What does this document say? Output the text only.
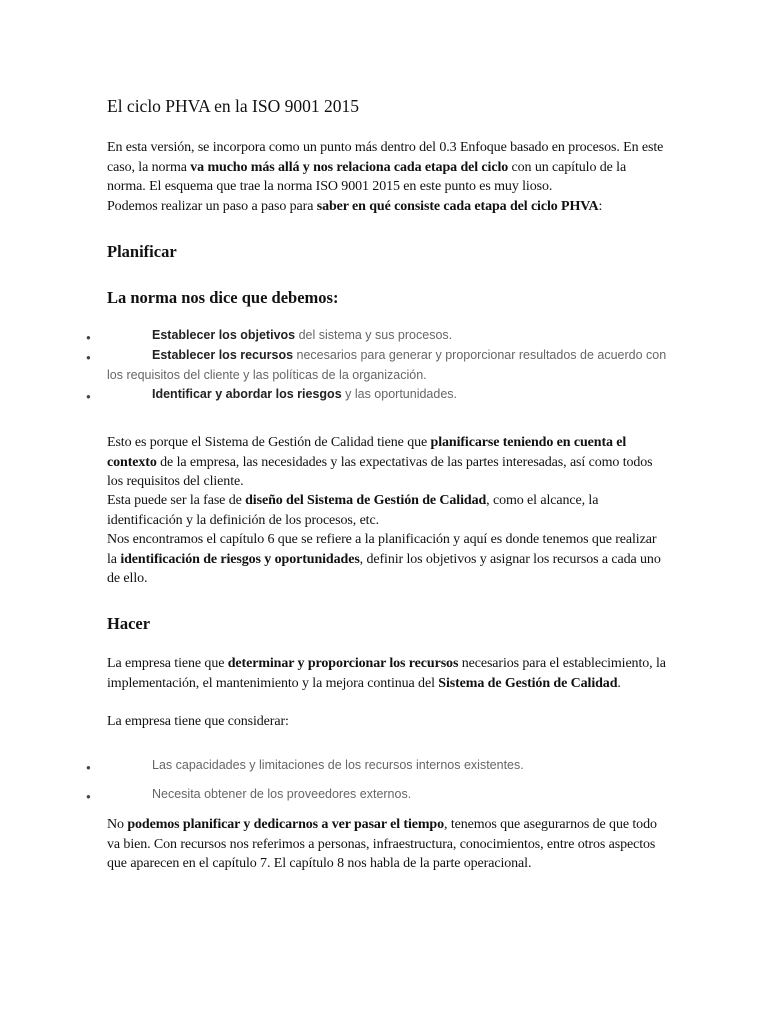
El ciclo PHVA en la ISO 9001 2015
En esta versión, se incorpora como un punto más dentro del 0.3 Enfoque basado en procesos. En este caso, la norma va mucho más allá y nos relaciona cada etapa del ciclo con un capítulo de la norma. El esquema que trae la norma ISO 9001 2015 en este punto es muy lioso.
Podemos realizar un paso a paso para saber en qué consiste cada etapa del ciclo PHVA:
Planificar
La norma nos dice que debemos:
●	Establecer los objetivos del sistema y sus procesos.
●	Establecer los recursos necesarios para generar y proporcionar resultados de acuerdo con los requisitos del cliente y las políticas de la organización.
●	Identificar y abordar los riesgos y las oportunidades.
Esto es porque el Sistema de Gestión de Calidad tiene que planificarse teniendo en cuenta el contexto de la empresa, las necesidades y las expectativas de las partes interesadas, así como todos los requisitos del cliente.
Esta puede ser la fase de diseño del Sistema de Gestión de Calidad, como el alcance, la identificación y la definición de los procesos, etc.
Nos encontramos el capítulo 6 que se refiere a la planificación y aquí es donde tenemos que realizar la identificación de riesgos y oportunidades, definir los objetivos y asignar los recursos a cada uno de ello.
Hacer
La empresa tiene que determinar y proporcionar los recursos necesarios para el establecimiento, la implementación, el mantenimiento y la mejora continua del Sistema de Gestión de Calidad.
La empresa tiene que considerar:
●	Las capacidades y limitaciones de los recursos internos existentes.
●	Necesita obtener de los proveedores externos.
No podemos planificar y dedicarnos a ver pasar el tiempo, tenemos que asegurarnos de que todo va bien. Con recursos nos referimos a personas, infraestructura, conocimientos, entre otros aspectos que aparecen en el capítulo 7. El capítulo 8 nos habla de la parte operacional.
